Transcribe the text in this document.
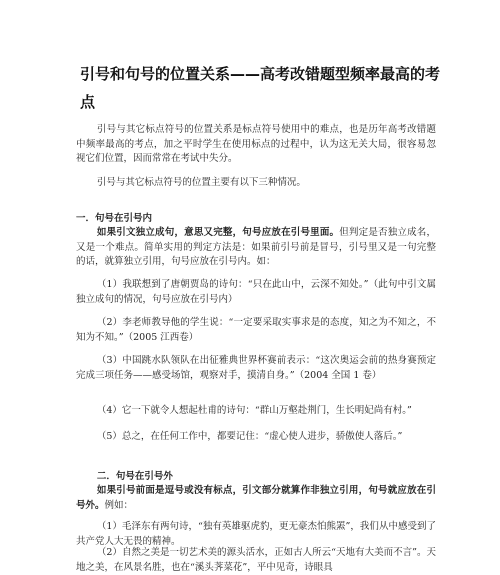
引号和句号的位置关系——高考改错题型频率最高的考点
引号与其它标点符号的位置关系是标点符号使用中的难点，也是历年高考改错题中频率最高的考点，加之平时学生在使用标点的过程中，认为这无关大局，很容易忽视它们位置，因而常常在考试中失分。
引号与其它标点符号的位置主要有以下三种情况。
一．句号在引号内
如果引文独立成句，意思又完整，句号应放在引号里面。但判定是否独立成名，又是一个难点。简单实用的判定方法是：如果前引号前是冒号，引号里又是一句完整的话，就算独立引用，句号应放在引号内。如：
（1）我联想到了唐朝贾岛的诗句：“只在此山中，云深不知处。”（此句中引文属独立成句的情况，句号应放在引号内）
（2）李老师教导他的学生说：“一定要采取实事求是的态度，知之为不知之，不知为不知。”（2005 江西卷）
（3）中国跳水队领队在出征雅典世界杯赛前表示：“这次奥运会前的热身赛预定完成三项任务——感受场馆，观察对手，摸清自身。”（2004 全国 1 卷）
（4）它一下就令人想起杜甫的诗句：“群山万壑赴荆门，生长明妃尚有村。”
（5）总之，在任何工作中，都要记住：“虚心使人进步，骄傲使人落后。”
二．句号在引号外
如果引号前面是逗号或没有标点，引文部分就算作非独立引用，句号就应放在引号外。例如：
（1）毛泽东有两句诗，“独有英雄驱虎豹，更无豪杰怕熊罴”，我们从中感受到了共产党人大无畏的精神。
（2）自然之美是一切艺术美的源头活水，正如古人所云“天地有大美而不言”。天地之美，在风景名胜，也在“溪头荠菜花”，平中见奇，诗眼具
